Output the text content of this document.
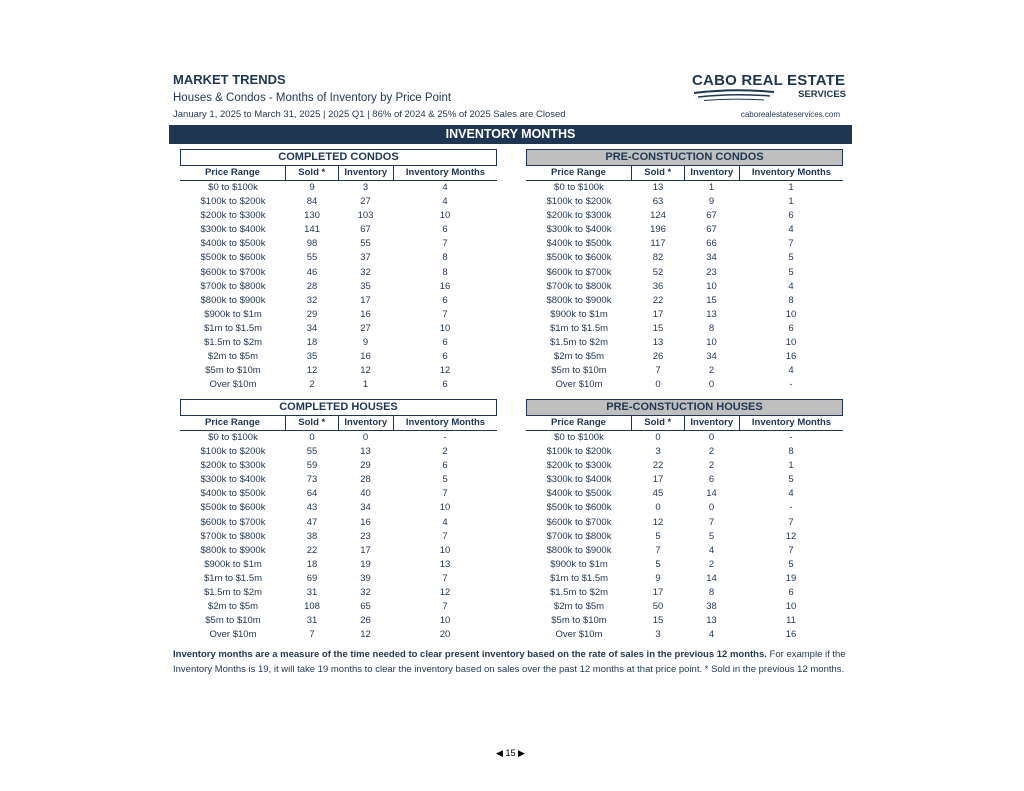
MARKET TRENDS
Houses & Condos - Months of Inventory by Price Point
January 1, 2025 to March 31, 2025 | 2025 Q1 | 86% of 2024 & 25% of 2025 Sales are Closed
CABO REAL ESTATE
SERVICES
caborealestateservices.com
INVENTORY MONTHS
COMPLETED CONDOS
Price Range	Sold *	Inventory	Inventory Months
$0 to $100k	9	3	4
$100k to $200k	84	27	4
$200k to $300k	130	103	10
$300k to $400k	141	67	6
$400k to $500k	98	55	7
$500k to $600k	55	37	8
$600k to $700k	46	32	8
$700k to $800k	28	35	16
$800k to $900k	32	17	6
$900k to $1m	29	16	7
$1m to $1.5m	34	27	10
$1.5m to $2m	18	9	6
$2m to $5m	35	16	6
$5m to $10m	12	12	12
Over $10m	2	1	6
PRE-CONSTUCTION CONDOS
Price Range	Sold *	Inventory	Inventory Months
$0 to $100k	13	1	1
$100k to $200k	63	9	1
$200k to $300k	124	67	6
$300k to $400k	196	67	4
$400k to $500k	117	66	7
$500k to $600k	82	34	5
$600k to $700k	52	23	5
$700k to $800k	36	10	4
$800k to $900k	22	15	8
$900k to $1m	17	13	10
$1m to $1.5m	15	8	6
$1.5m to $2m	13	10	10
$2m to $5m	26	34	16
$5m to $10m	7	2	4
Over $10m	0	0	-
COMPLETED HOUSES
Price Range	Sold *	Inventory	Inventory Months
$0 to $100k	0	0	-
$100k to $200k	55	13	2
$200k to $300k	59	29	6
$300k to $400k	73	28	5
$400k to $500k	64	40	7
$500k to $600k	43	34	10
$600k to $700k	47	16	4
$700k to $800k	38	23	7
$800k to $900k	22	17	10
$900k to $1m	18	19	13
$1m to $1.5m	69	39	7
$1.5m to $2m	31	32	12
$2m to $5m	108	65	7
$5m to $10m	31	26	10
Over $10m	7	12	20
PRE-CONSTUCTION HOUSES
Price Range	Sold *	Inventory	Inventory Months
$0 to $100k	0	0	-
$100k to $200k	3	2	8
$200k to $300k	22	2	1
$300k to $400k	17	6	5
$400k to $500k	45	14	4
$500k to $600k	0	0	-
$600k to $700k	12	7	7
$700k to $800k	5	5	12
$800k to $900k	7	4	7
$900k to $1m	5	2	5
$1m to $1.5m	9	14	19
$1.5m to $2m	17	8	6
$2m to $5m	50	38	10
$5m to $10m	15	13	11
Over $10m	3	4	16
Inventory months are a measure of the time needed to clear present inventory based on the rate of sales in the previous 12 months. For example if the Inventory Months is 19, it will take 19 months to clear the inventory based on sales over the past 12 months at that price point. * Sold in the previous 12 months.
◀ 15 ▶
